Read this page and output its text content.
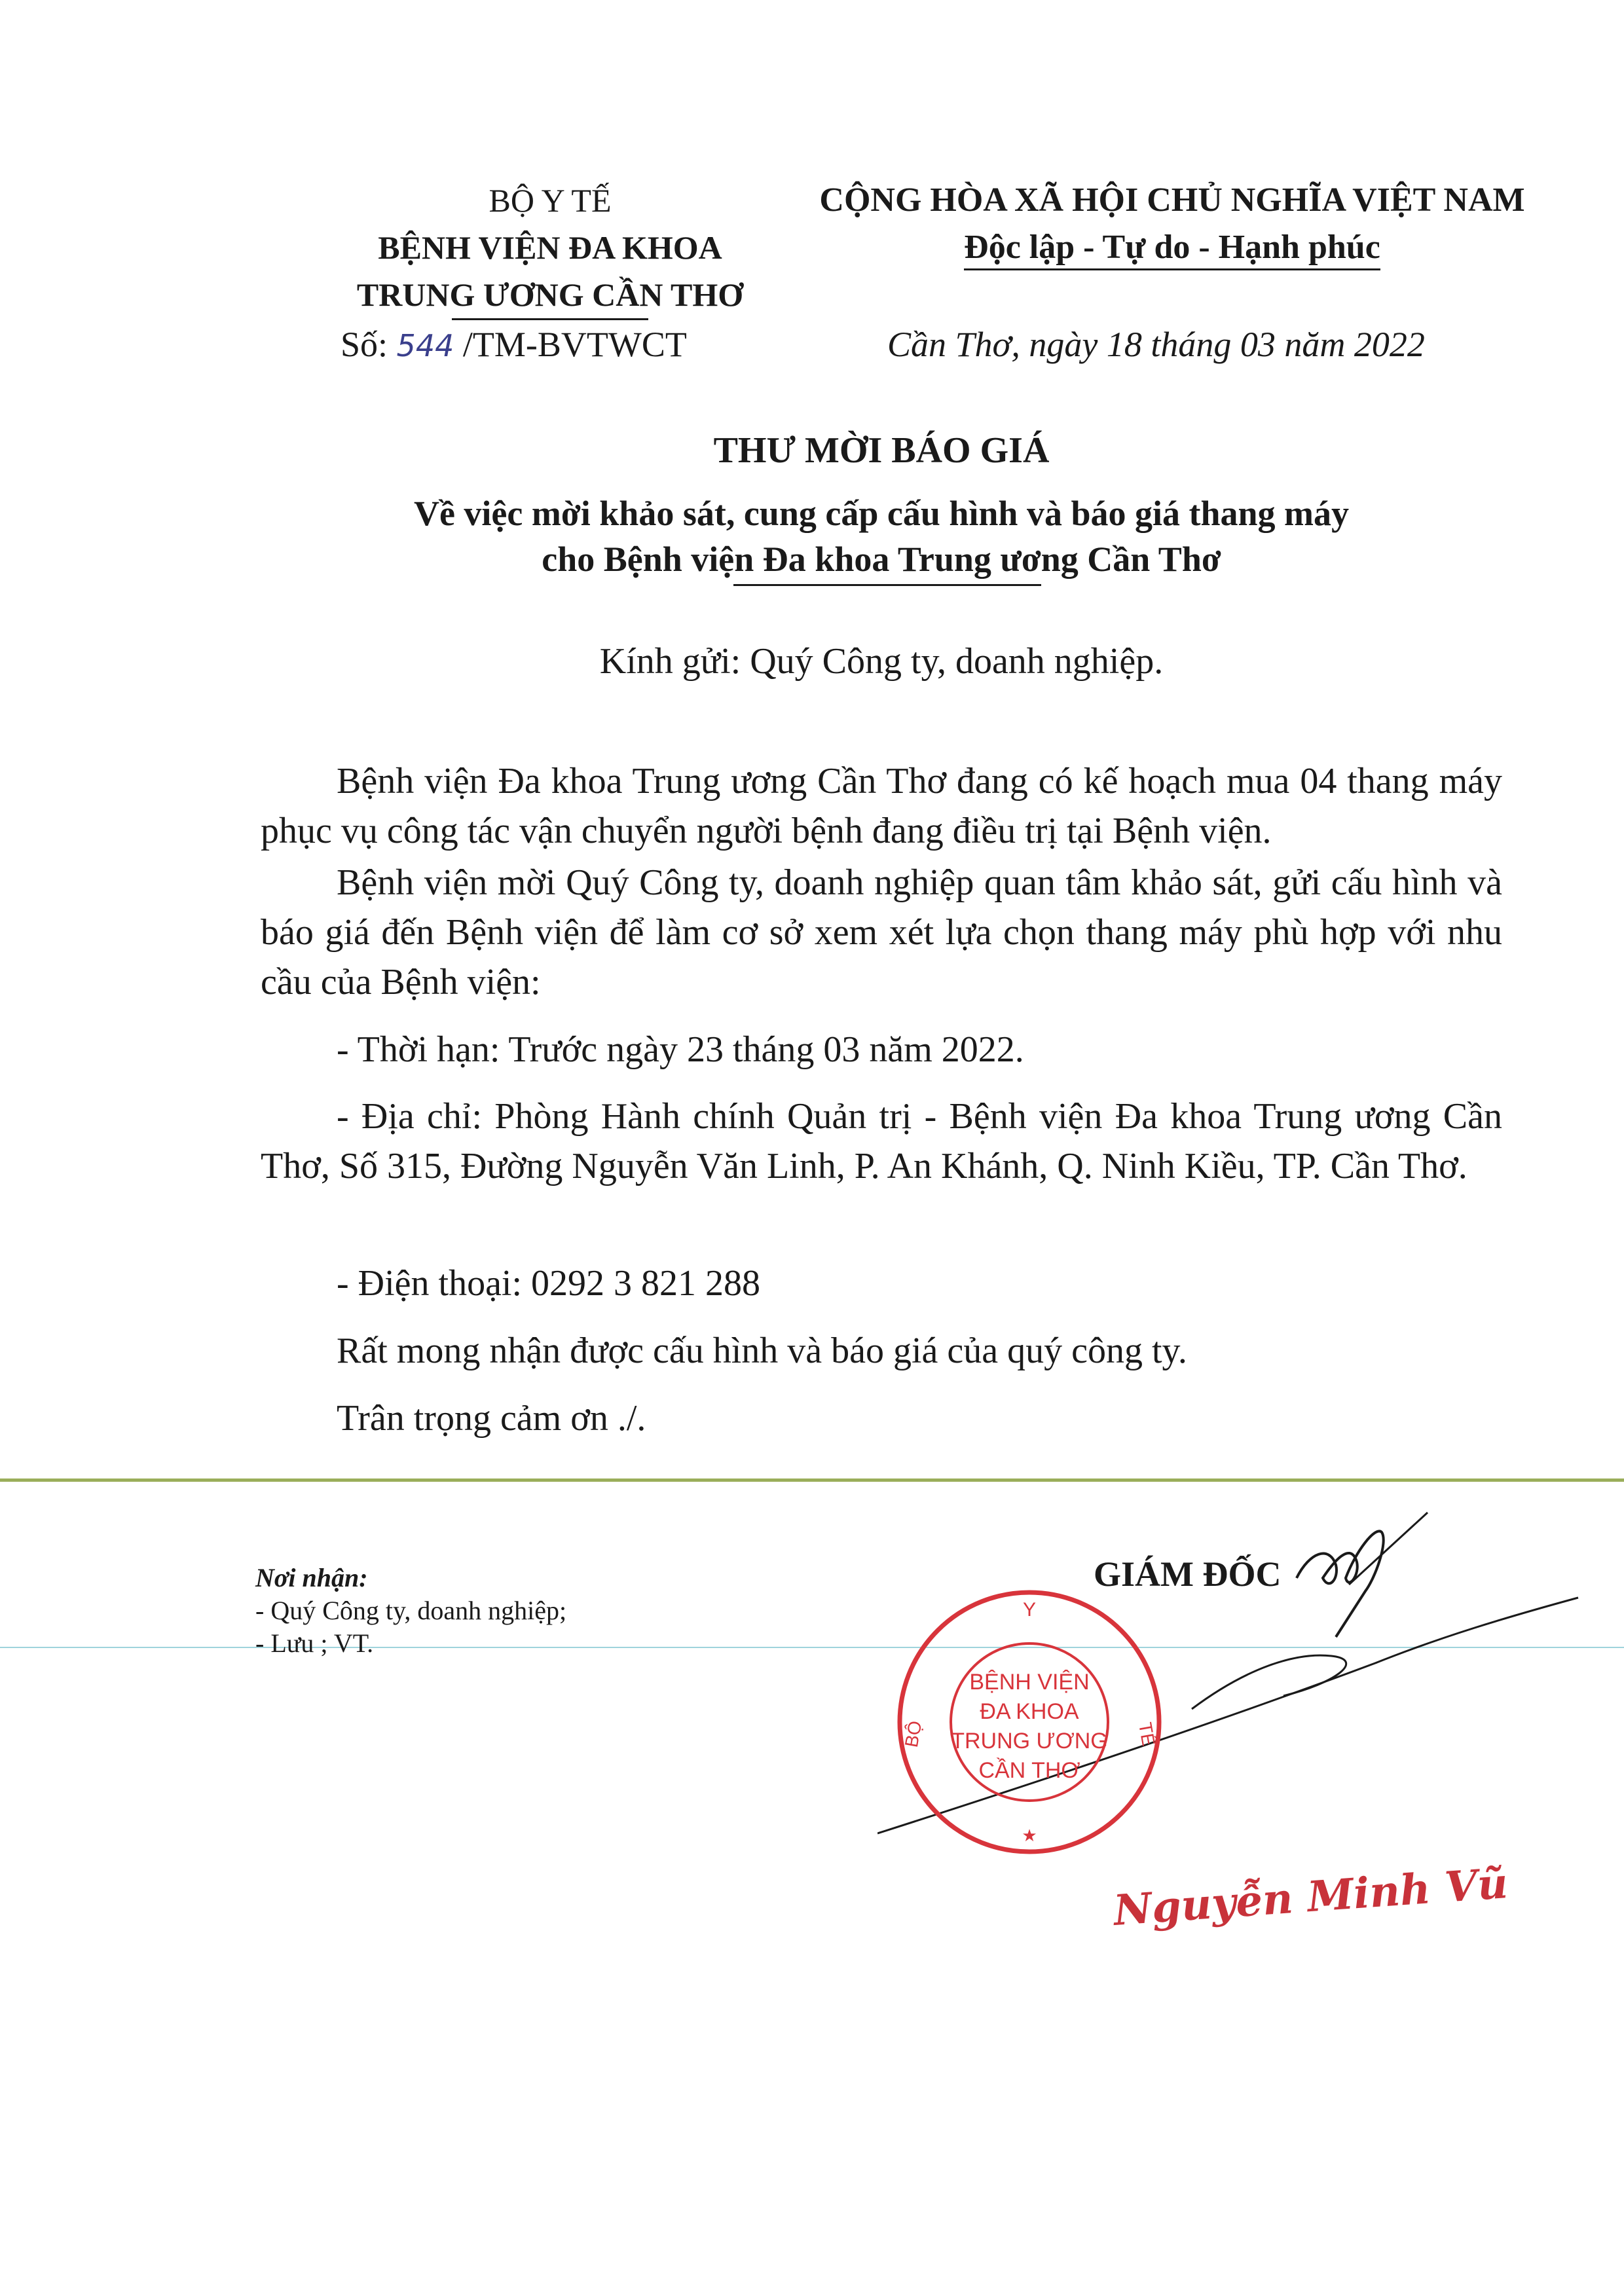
BỘ Y TẾ
BỆNH VIỆN ĐA KHOA
TRUNG ƯƠNG CẦN THƠ
Số: 544 /TM-BVTWCT
CỘNG HÒA XÃ HỘI CHỦ NGHĨA VIỆT NAM
Độc lập - Tự do - Hạnh phúc
Cần Thơ, ngày 18 tháng 03 năm 2022
THƯ MỜI BÁO GIÁ
Về việc mời khảo sát, cung cấp cấu hình và báo giá thang máy
cho Bệnh viện Đa khoa Trung ương Cần Thơ
Kính gửi: Quý Công ty, doanh nghiệp.
Bệnh viện Đa khoa Trung ương Cần Thơ đang có kế hoạch mua 04 thang máy phục vụ công tác vận chuyển người bệnh đang điều trị tại Bệnh viện.
Bệnh viện mời Quý Công ty, doanh nghiệp quan tâm khảo sát, gửi cấu hình và báo giá đến Bệnh viện để làm cơ sở xem xét lựa chọn thang máy phù hợp với nhu cầu của Bệnh viện:
- Thời hạn: Trước ngày 23 tháng 03 năm 2022.
- Địa chỉ: Phòng Hành chính Quản trị - Bệnh viện Đa khoa Trung ương Cần Thơ, Số 315, Đường Nguyễn Văn Linh, P. An Khánh, Q. Ninh Kiều, TP. Cần Thơ.
- Điện thoại: 0292 3 821 288
Rất mong nhận được cấu hình và báo giá của quý công ty.
Trân trọng cảm ơn ./.
Nơi nhận:
- Quý Công ty, doanh nghiệp;
- Lưu ; VT.
GIÁM ĐỐC
Y
BỘ	TẾ
BỆNH VIỆN
ĐA KHOA
TRUNG ƯƠNG
CẦN THƠ
★
Nguyễn Minh Vũ
